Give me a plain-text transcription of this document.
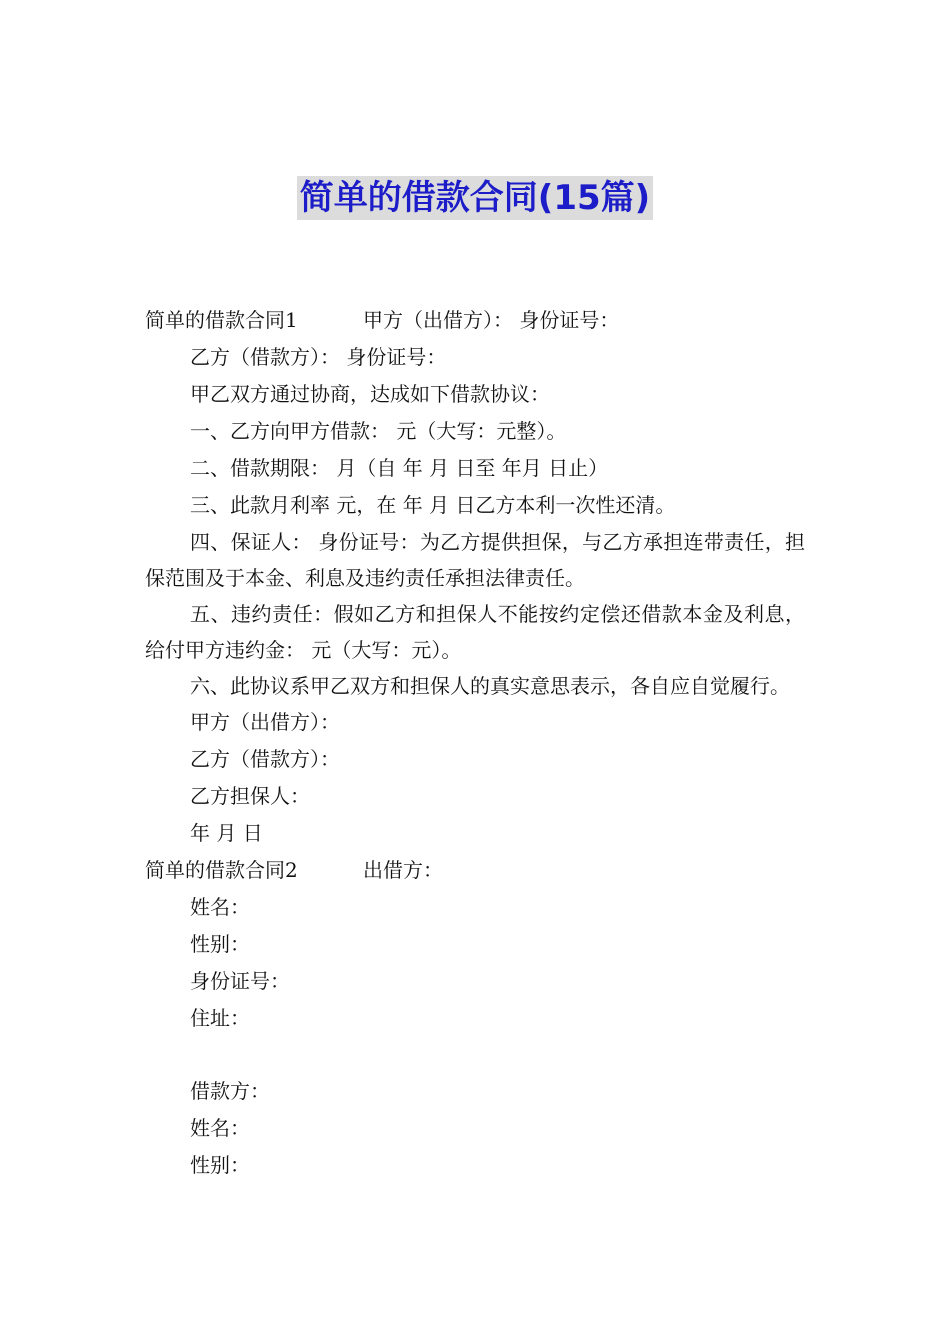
简单的借款合同(15篇)

简单的借款合同1	甲方（出借方）： 身份证号：

乙方（借款方）： 身份证号：

甲乙双方通过协商，达成如下借款协议：

一、乙方向甲方借款： 元（大写：元整）。

二、借款期限： 月（自 年 月 日至 年月 日止）

三、此款月利率 元，在 年 月 日乙方本利一次性还清。

四、保证人： 身份证号：为乙方提供担保，与乙方承担连带责任，担保范围及于本金、利息及违约责任承担法律责任。

五、违约责任：假如乙方和担保人不能按约定偿还借款本金及利息，给付甲方违约金： 元（大写：元）。

六、此协议系甲乙双方和担保人的真实意思表示，各自应自觉履行。

甲方（出借方）：

乙方（借款方）：

乙方担保人：

年 月 日

简单的借款合同2	出借方：

姓名：

性别：

身份证号：

住址：

借款方：

姓名：

性别：
